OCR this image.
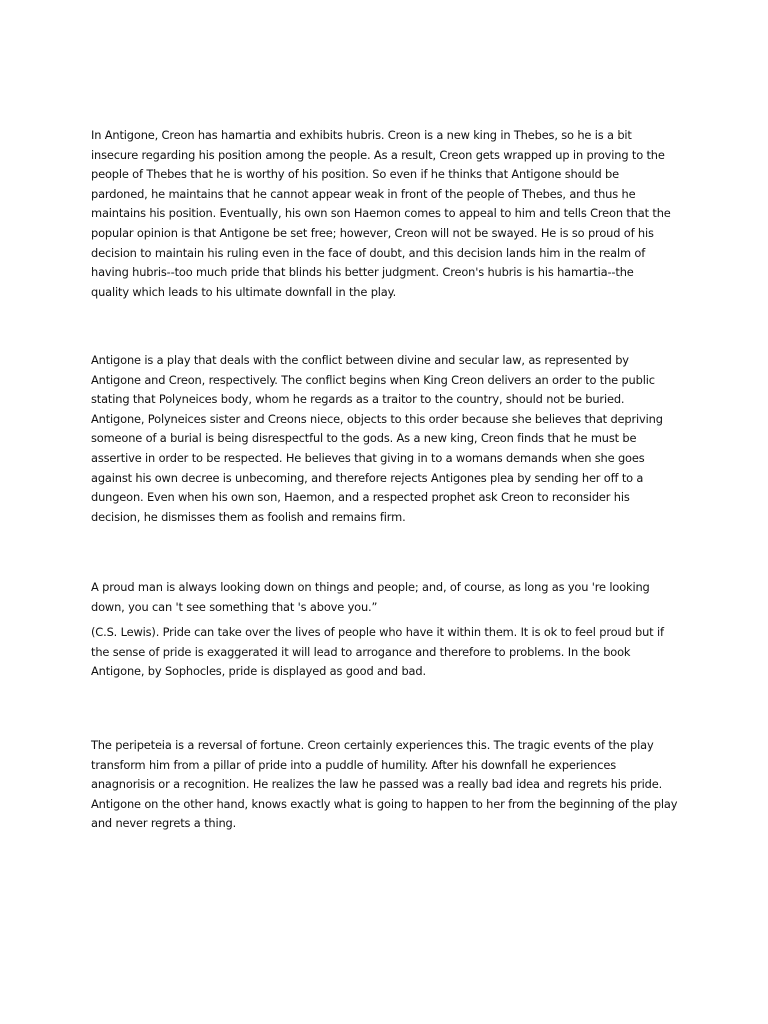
In Antigone, Creon has hamartia and exhibits hubris. Creon is a new king in Thebes, so he is a bit
insecure regarding his position among the people. As a result, Creon gets wrapped up in proving to the
people of Thebes that he is worthy of his position. So even if he thinks that Antigone should be
pardoned, he maintains that he cannot appear weak in front of the people of Thebes, and thus he
maintains his position. Eventually, his own son Haemon comes to appeal to him and tells Creon that the
popular opinion is that Antigone be set free; however, Creon will not be swayed. He is so proud of his
decision to maintain his ruling even in the face of doubt, and this decision lands him in the realm of
having hubris--too much pride that blinds his better judgment. Creon's hubris is his hamartia--the
quality which leads to his ultimate downfall in the play.

Antigone is a play that deals with the conflict between divine and secular law, as represented by
Antigone and Creon, respectively. The conflict begins when King Creon delivers an order to the public
stating that Polyneices body, whom he regards as a traitor to the country, should not be buried.
Antigone, Polyneices sister and Creons niece, objects to this order because she believes that depriving
someone of a burial is being disrespectful to the gods. As a new king, Creon finds that he must be
assertive in order to be respected. He believes that giving in to a womans demands when she goes
against his own decree is unbecoming, and therefore rejects Antigones plea by sending her off to a
dungeon. Even when his own son, Haemon, and a respected prophet ask Creon to reconsider his
decision, he dismisses them as foolish and remains firm.

A proud man is always looking down on things and people; and, of course, as long as you 're looking
down, you can 't see something that 's above you.”

(C.S. Lewis). Pride can take over the lives of people who have it within them. It is ok to feel proud but if
the sense of pride is exaggerated it will lead to arrogance and therefore to problems. In the book
Antigone, by Sophocles, pride is displayed as good and bad.

The peripeteia is a reversal of fortune. Creon certainly experiences this. The tragic events of the play
transform him from a pillar of pride into a puddle of humility. After his downfall he experiences
anagnorisis or a recognition. He realizes the law he passed was a really bad idea and regrets his pride.
Antigone on the other hand, knows exactly what is going to happen to her from the beginning of the play
and never regrets a thing.
